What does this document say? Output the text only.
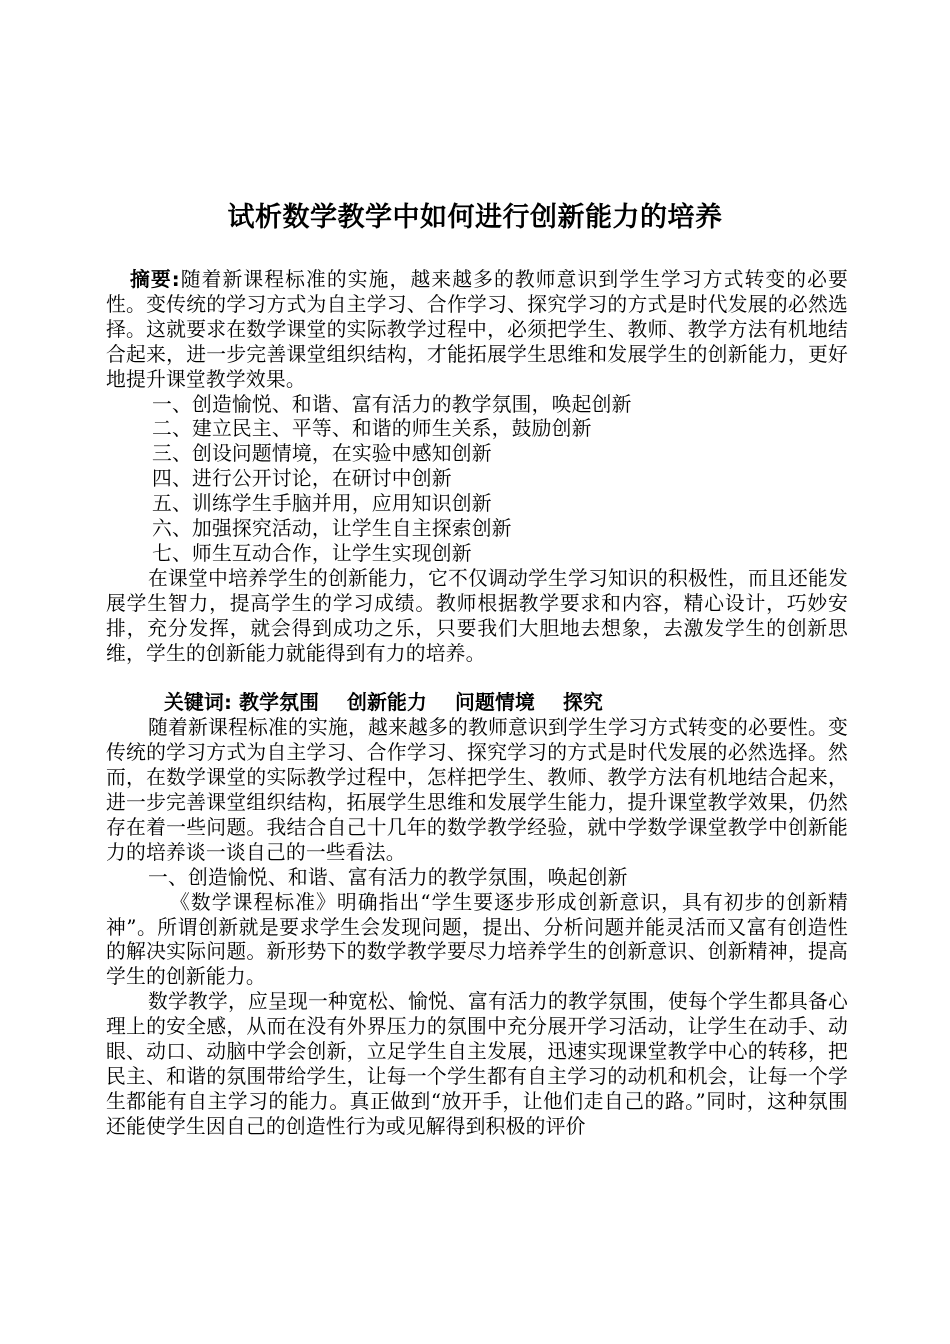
试析数学教学中如何进行创新能力的培养

摘要:随着新课程标准的实施，越来越多的教师意识到学生学习方式转变的必要性。变传统的学习方式为自主学习、合作学习、探究学习的方式是时代发展的必然选择。这就要求在数学课堂的实际教学过程中，必须把学生、教师、教学方法有机地结合起来，进一步完善课堂组织结构，才能拓展学生思维和发展学生的创新能力，更好地提升课堂教学效果。

一、创造愉悦、和谐、富有活力的教学氛围，唤起创新

二、建立民主、平等、和谐的师生关系，鼓励创新

三、创设问题情境，在实验中感知创新

四、进行公开讨论，在研讨中创新

五、训练学生手脑并用，应用知识创新

六、加强探究活动，让学生自主探索创新

七、师生互动合作，让学生实现创新

在课堂中培养学生的创新能力，它不仅调动学生学习知识的积极性，而且还能发展学生智力，提高学生的学习成绩。教师根据教学要求和内容，精心设计，巧妙安排，充分发挥，就会得到成功之乐，只要我们大胆地去想象，去激发学生的创新思维，学生的创新能力就能得到有力的培养。

关键词: 教学氛围 创新能力 问题情境 探究

随着新课程标准的实施，越来越多的教师意识到学生学习方式转变的必要性。变传统的学习方式为自主学习、合作学习、探究学习的方式是时代发展的必然选择。然而，在数学课堂的实际教学过程中，怎样把学生、教师、教学方法有机地结合起来，进一步完善课堂组织结构，拓展学生思维和发展学生能力，提升课堂教学效果，仍然存在着一些问题。我结合自己十几年的数学教学经验，就中学数学课堂教学中创新能力的培养谈一谈自己的一些看法。

一、创造愉悦、和谐、富有活力的教学氛围，唤起创新

《数学课程标准》明确指出“学生要逐步形成创新意识，具有初步的创新精神”。所谓创新就是要求学生会发现问题，提出、分析问题并能灵活而又富有创造性的解决实际问题。新形势下的数学教学要尽力培养学生的创新意识、创新精神，提高学生的创新能力。

数学教学，应呈现一种宽松、愉悦、富有活力的教学氛围，使每个学生都具备心理上的安全感，从而在没有外界压力的氛围中充分展开学习活动，让学生在动手、动眼、动口、动脑中学会创新，立足学生自主发展，迅速实现课堂教学中心的转移，把民主、和谐的氛围带给学生，让每一个学生都有自主学习的动机和机会，让每一个学生都能有自主学习的能力。真正做到“放开手，让他们走自己的路。”同时，这种氛围还能使学生因自己的创造性行为或见解得到积极的评价
